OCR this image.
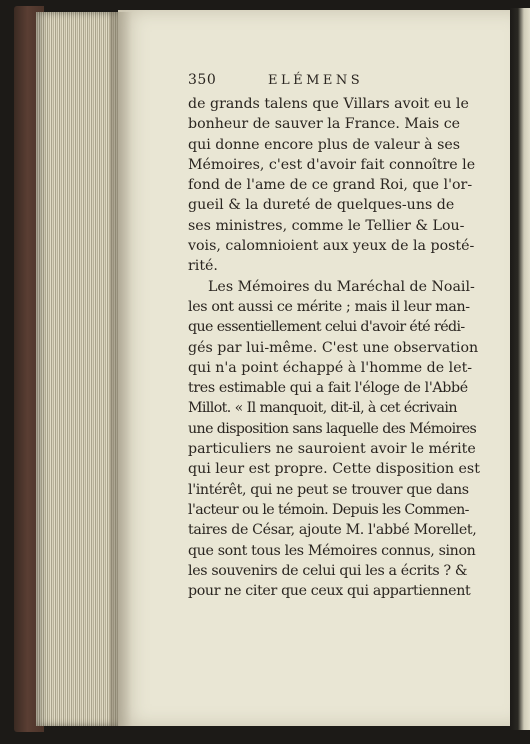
350	ELÉMENS
de grands talens que Villars avoit eu le
bonheur de sauver la France. Mais ce
qui donne encore plus de valeur à ses
Mémoires, c'est d'avoir fait connoître le
fond de l'ame de ce grand Roi, que l'or-
gueil & la dureté de quelques-uns de
ses ministres, comme le Tellier & Lou-
vois, calomnioient aux yeux de la posté-
rité.
Les Mémoires du Maréchal de Noail-
les ont aussi ce mérite ; mais il leur man-
que essentiellement celui d'avoir été rédi-
gés par lui-même. C'est une observation
qui n'a point échappé à l'homme de let-
tres estimable qui a fait l'éloge de l'Abbé
Millot. « Il manquoit, dit-il, à cet écrivain
une disposition sans laquelle des Mémoires
particuliers ne sauroient avoir le mérite
qui leur est propre. Cette disposition est
l'intérêt, qui ne peut se trouver que dans
l'acteur ou le témoin. Depuis les Commen-
taires de César, ajoute M. l'abbé Morellet,
que sont tous les Mémoires connus, sinon
les souvenirs de celui qui les a écrits ? &
pour ne citer que ceux qui appartiennent
